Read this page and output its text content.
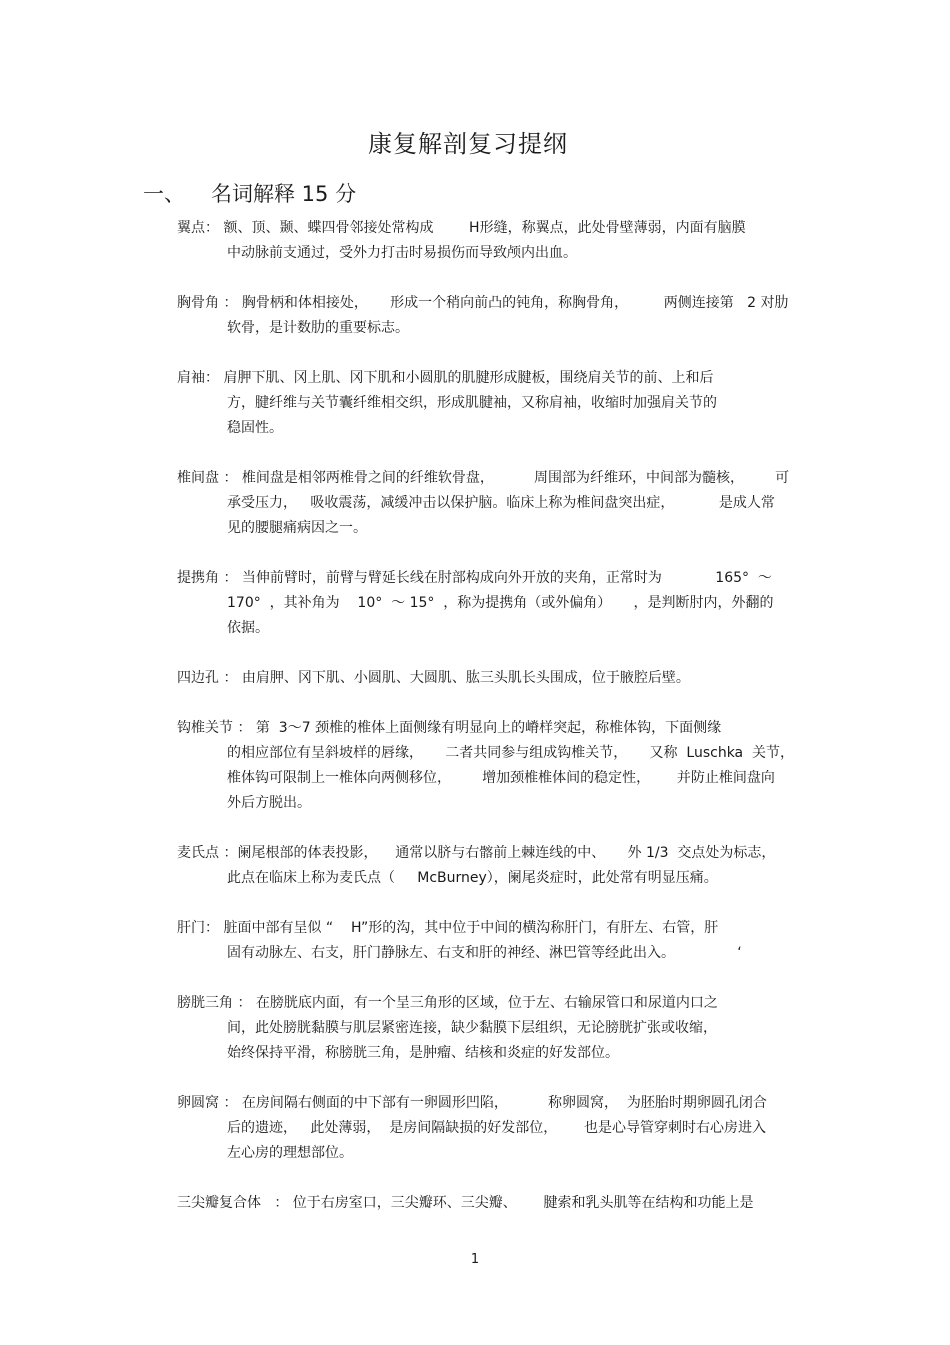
康复解剖复习提纲
一、 名词解释 15 分
翼点： 额、顶、颞、蝶四骨邻接处常构成        H形缝，称翼点，此处骨壁薄弱，内面有脑膜
中动脉前支通过，受外力打击时易损伤而导致颅内出血。
胸骨角 ： 胸骨柄和体相接处，     形成一个稍向前凸的钝角，称胸骨角，        两侧连接第   2 对肋
软骨，是计数肋的重要标志。
肩袖： 肩胛下肌、冈上肌、冈下肌和小圆肌的肌腱形成腱板，围绕肩关节的前、上和后
方，腱纤维与关节囊纤维相交织，形成肌腱袖，又称肩袖，收缩时加强肩关节的
稳固性。
椎间盘 ： 椎间盘是相邻两椎骨之间的纤维软骨盘，         周围部为纤维环，中间部为髓核，       可
承受压力，   吸收震荡，减缓冲击以保护脑。临床上称为椎间盘突出症，          是成人常
见的腰腿痛病因之一。
提携角 ： 当伸前臂时，前臂与臂延长线在肘部构成向外开放的夹角，正常时为            165°  ～
170°  ，其补角为    10°  ～ 15°  ，称为提携角（或外偏角）     ，是判断肘内，外翻的
依据。
四边孔 ： 由肩胛、冈下肌、小圆肌、大圆肌、肱三头肌长头围成，位于腋腔后壁。
钩椎关节 ： 第  3～7 颈椎的椎体上面侧缘有明显向上的嵴样突起，称椎体钩，下面侧缘
的相应部位有呈斜坡样的唇缘，     二者共同参与组成钩椎关节，     又称  Luschka  关节，
椎体钩可限制上一椎体向两侧移位，       增加颈椎椎体间的稳定性，      并防止椎间盘向
外后方脱出。
麦氏点 ：阑尾根部的体表投影，    通常以脐与右髂前上棘连线的中、     外 1/3  交点处为标志，
此点在临床上称为麦氏点（     McBurney），阑尾炎症时，此处常有明显压痛。
肝门： 脏面中部有呈似 “    H”形的沟，其中位于中间的横沟称肝门，有肝左、右管，肝
固有动脉左、右支，肝门静脉左、右支和肝的神经、淋巴管等经此出入。              ‘
膀胱三角 ： 在膀胱底内面，有一个呈三角形的区域，位于左、右输尿管口和尿道内口之
间，此处膀胱黏膜与肌层紧密连接，缺少黏膜下层组织，无论膀胱扩张或收缩，
始终保持平滑，称膀胱三角，是肿瘤、结核和炎症的好发部位。
卵圆窝 ： 在房间隔右侧面的中下部有一卵圆形凹陷，         称卵圆窝，  为胚胎时期卵圆孔闭合
后的遗迹，   此处薄弱，  是房间隔缺损的好发部位，      也是心导管穿刺时右心房进入
左心房的理想部位。
三尖瓣复合体   ： 位于右房室口，三尖瓣环、三尖瓣、      腱索和乳头肌等在结构和功能上是
1
